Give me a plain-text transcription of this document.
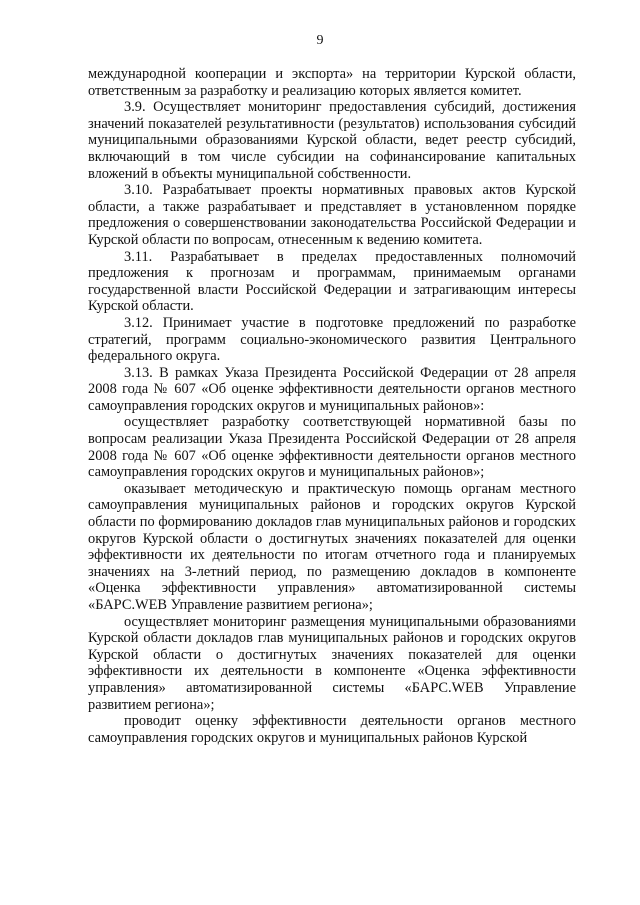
9

международной кооперации и экспорта» на территории Курской области, ответственным за разработку и реализацию которых является комитет.

3.9. Осуществляет мониторинг предоставления субсидий, достижения значений показателей результативности (результатов) использования субсидий муниципальными образованиями Курской области, ведет реестр субсидий, включающий в том числе субсидии на софинансирование капитальных вложений в объекты муниципальной собственности.

3.10. Разрабатывает проекты нормативных правовых актов Курской области, а также разрабатывает и представляет в установленном порядке предложения о совершенствовании законодательства Российской Федерации и Курской области по вопросам, отнесенным к ведению комитета.

3.11. Разрабатывает в пределах предоставленных полномочий предложения к прогнозам и программам, принимаемым органами государственной власти Российской Федерации и затрагивающим интересы Курской области.

3.12. Принимает участие в подготовке предложений по разработке стратегий, программ социально-экономического развития Центрального федерального округа.

3.13. В рамках Указа Президента Российской Федерации от 28 апреля 2008 года № 607 «Об оценке эффективности деятельности органов местного самоуправления городских округов и муниципальных районов»:

осуществляет разработку соответствующей нормативной базы по вопросам реализации Указа Президента Российской Федерации от 28 апреля 2008 года № 607 «Об оценке эффективности деятельности органов местного самоуправления городских округов и муниципальных районов»;

оказывает методическую и практическую помощь органам местного самоуправления муниципальных районов и городских округов Курской области по формированию докладов глав муниципальных районов и городских округов Курской области о достигнутых значениях показателей для оценки эффективности их деятельности по итогам отчетного года и планируемых значениях на 3-летний период, по размещению докладов в компоненте «Оценка эффективности управления» автоматизированной системы «БАРС.WEB Управление развитием региона»;

осуществляет мониторинг размещения муниципальными образованиями Курской области докладов глав муниципальных районов и городских округов Курской области о достигнутых значениях показателей для оценки эффективности их деятельности в компоненте «Оценка эффективности управления» автоматизированной системы «БАРС.WEB Управление развитием региона»;

проводит оценку эффективности деятельности органов местного самоуправления городских округов и муниципальных районов Курской
